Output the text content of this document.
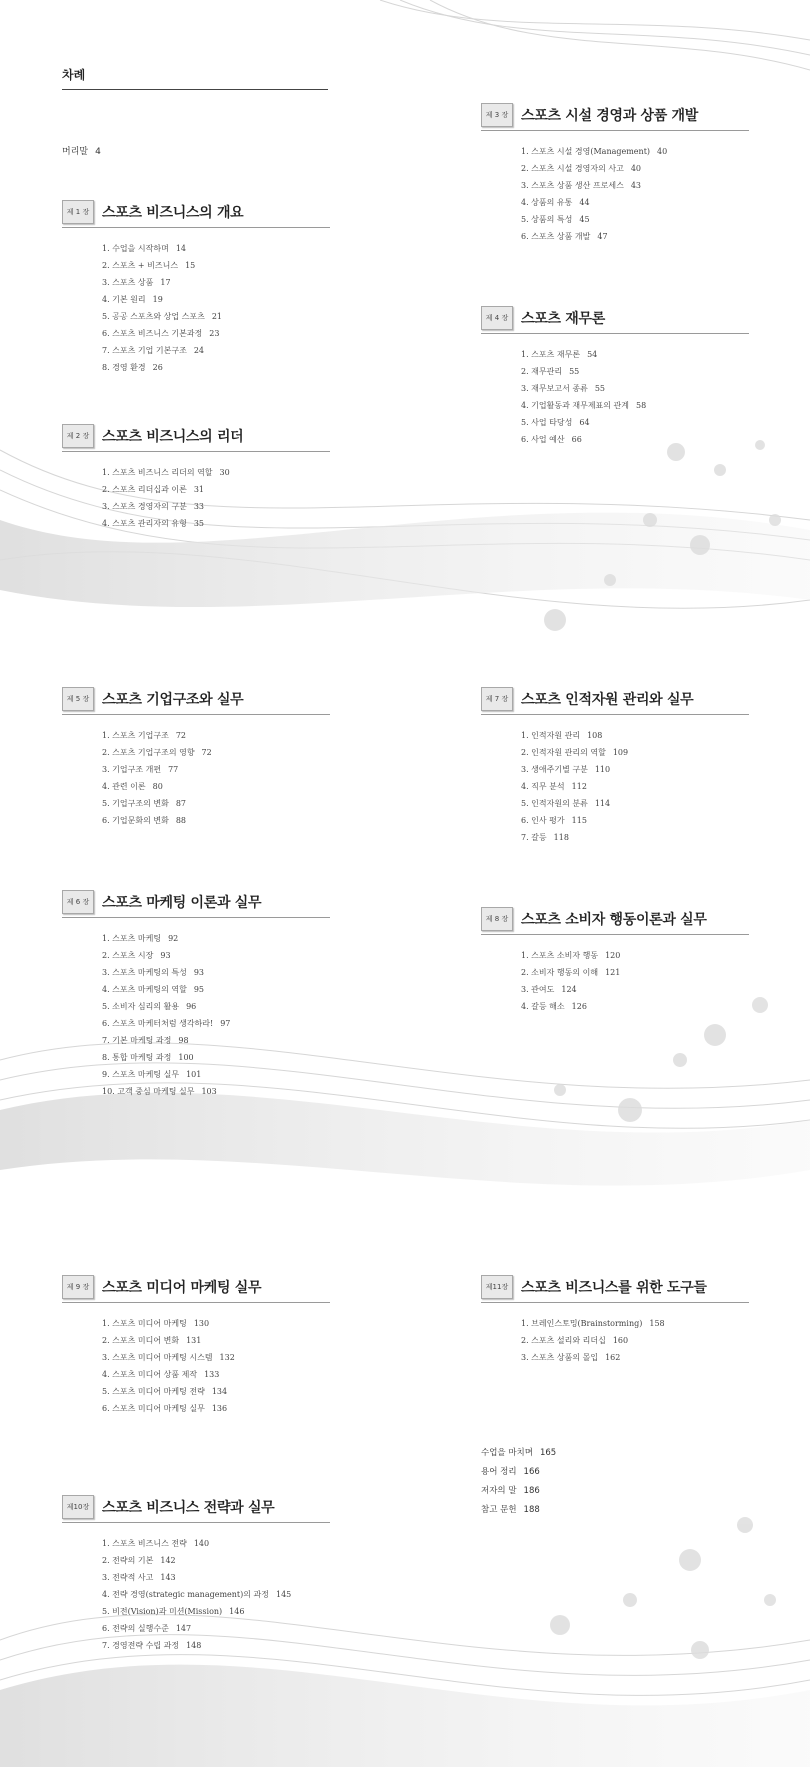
차례
머리말 4
제 1 장 스포츠 비즈니스의 개요
1. 수업을 시작하며 14
2. 스포츠 + 비즈니스 15
3. 스포츠 상품 17
4. 기본 원리 19
5. 공공 스포츠와 상업 스포츠 21
6. 스포츠 비즈니스 기본과정 23
7. 스포츠 기업 기본구조 24
8. 경영 환경 26
제 2 장 스포츠 비즈니스의 리더
1. 스포츠 비즈니스 리더의 역할 30
2. 스포츠 리더십과 이론 31
3. 스포츠 경영자의 구분 33
4. 스포츠 관리자의 유형 35
제 3 장 스포츠 시설 경영과 상품 개발
1. 스포츠 시설 경영(Management) 40
2. 스포츠 시설 경영자의 사고 40
3. 스포츠 상품 생산 프로세스 43
4. 상품의 유통 44
5. 상품의 특성 45
6. 스포츠 상품 개발 47
제 4 장 스포츠 재무론
1. 스포츠 재무론 54
2. 재무관리 55
3. 재무보고서 종류 55
4. 기업활동과 재무제표의 관계 58
5. 사업 타당성 64
6. 사업 예산 66
제 5 장 스포츠 기업구조와 실무
1. 스포츠 기업구조 72
2. 스포츠 기업구조의 영향 72
3. 기업구조 개편 77
4. 관련 이론 80
5. 기업구조의 변화 87
6. 기업문화의 변화 88
제 6 장 스포츠 마케팅 이론과 실무
1. 스포츠 마케팅 92
2. 스포츠 시장 93
3. 스포츠 마케팅의 특성 93
4. 스포츠 마케팅의 역할 95
5. 소비자 심리의 활용 96
6. 스포츠 마케터처럼 생각하라! 97
7. 기본 마케팅 과정 98
8. 통합 마케팅 과정 100
9. 스포츠 마케팅 실무 101
10. 고객 중심 마케팅 실무 103
제 7 장 스포츠 인적자원 관리와 실무
1. 인적자원 관리 108
2. 인적자원 관리의 역할 109
3. 생애주기별 구분 110
4. 직무 분석 112
5. 인적자원의 분류 114
6. 인사 평가 115
7. 갈등 118
제 8 장 스포츠 소비자 행동이론과 실무
1. 스포츠 소비자 행동 120
2. 소비자 행동의 이해 121
3. 관여도 124
4. 갈등 해소 126
제 9 장 스포츠 미디어 마케팅 실무
1. 스포츠 미디어 마케팅 130
2. 스포츠 미디어 변화 131
3. 스포츠 미디어 마케팅 시스템 132
4. 스포츠 미디어 상품 제작 133
5. 스포츠 미디어 마케팅 전략 134
6. 스포츠 미디어 마케팅 실무 136
제10장 스포츠 비즈니스 전략과 실무
1. 스포츠 비즈니스 전략 140
2. 전략의 기본 142
3. 전략적 사고 143
4. 전략 경영(strategic management)의 과정 145
5. 비전(Vision)과 미션(Mission) 146
6. 전략의 실행수준 147
7. 경영전략 수립 과정 148
제11장 스포츠 비즈니스를 위한 도구들
1. 브레인스토밍(Brainstorming) 158
2. 스포츠 설리와 리더십 160
3. 스포츠 상품의 몰입 162
수업을 마치며 165
용어 정리 166
저자의 말 186
참고 문헌 188
